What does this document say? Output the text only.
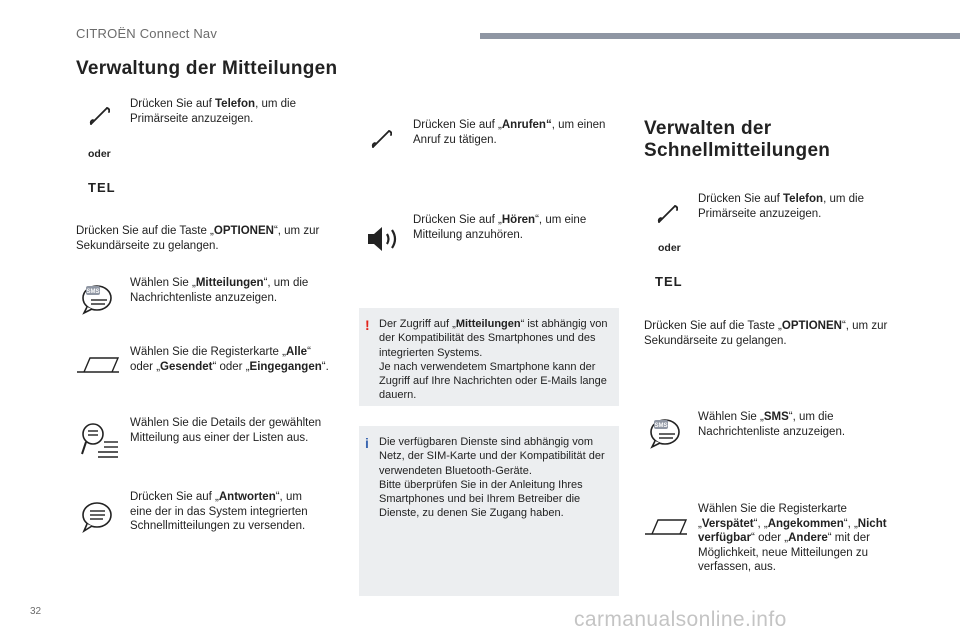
CITROËN Connect Nav
Verwaltung der Mitteilungen
Drücken Sie auf Telefon, um die Primärseite anzuzeigen.
oder
TEL
Drücken Sie auf die Taste „OPTIONEN“, um zur Sekundärseite zu gelangen.
SMS
Wählen Sie „Mitteilungen“, um die Nachrichtenliste anzuzeigen.
Wählen Sie die Registerkarte „Alle“ oder „Gesendet“ oder „Eingegangen“.
Wählen Sie die Details der gewählten Mitteilung aus einer der Listen aus.
Drücken Sie auf „Antworten“, um eine der in das System integrierten Schnellmitteilungen zu versenden.
Drücken Sie auf „Anrufen“, um einen Anruf zu tätigen.
Drücken Sie auf „Hören“, um eine Mitteilung anzuhören.
! Der Zugriff auf „Mitteilungen“ ist abhängig von der Kompatibilität des Smartphones und des integrierten Systems.
Je nach verwendetem Smartphone kann der Zugriff auf Ihre Nachrichten oder E-Mails lange dauern.
i Die verfügbaren Dienste sind abhängig vom Netz, der SIM-Karte und der Kompatibilität der verwendeten Bluetooth-Geräte.
Bitte überprüfen Sie in der Anleitung Ihres Smartphones und bei Ihrem Betreiber die Dienste, zu denen Sie Zugang haben.
Verwalten der
Schnellmitteilungen
Drücken Sie auf Telefon, um die Primärseite anzuzeigen.
oder
TEL
Drücken Sie auf die Taste „OPTIONEN“, um zur Sekundärseite zu gelangen.
SMS
Wählen Sie „SMS“, um die Nachrichtenliste anzuzeigen.
Wählen Sie die Registerkarte „Verspätet“, „Angekommen“, „Nicht verfügbar“ oder „Andere“ mit der Möglichkeit, neue Mitteilungen zu verfassen, aus.
32	carmanualsonline.info
